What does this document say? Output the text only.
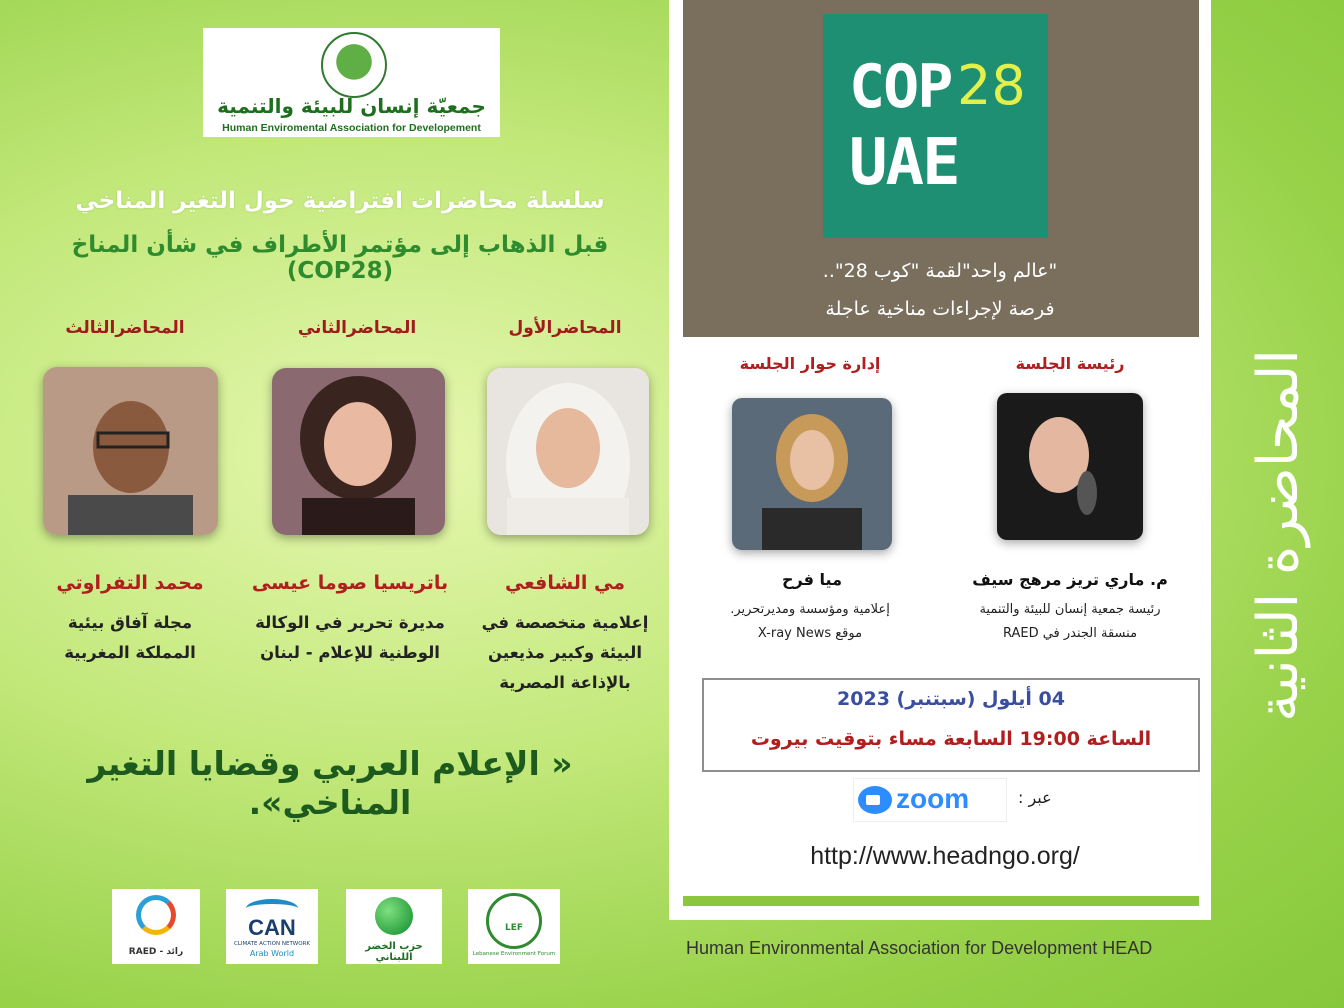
جمعيّة إنسان للبيئة والتنمية
Human Enviromental Association for Developement
سلسلة محاضرات افتراضية حول التغير المناخي
قبل الذهاب إلى مؤتمر الأطراف في شأن المناخ (COP28)
المحاضرالأول
المحاضرالثاني
المحاضرالثالث
مي الشافعي
باتريسيا صوما عيسى
محمد التفراوتي
إعلامية متخصصة في
البيئة وكبير مذيعين
بالإذاعة المصرية
مديرة تحرير في الوكالة
الوطنية للإعلام - لبنان
مجلة آفاق بيئية
المملكة المغربية
« الإعلام العربي وقضايا التغير المناخي».
RAED - رائد
CAN
CLIMATE ACTION NETWORK
Arab World
حزب الخضر اللبناني
LEF
Lebanese Environment Forum
COP 28
UAE
"عالم واحد"لقمة "كوب 28"..
فرصة لإجراءات مناخية عاجلة
رئيسة الجلسة
إدارة حوار الجلسة
م. ماري تريز مرهج سيف
ميا فرح
رئيسة جمعية إنسان للبيئة والتنمية
منسقة الجندر في RAED
إعلامية ومؤسسة ومديرتحرير.
موقع X-ray News
04 أيلول (سبتنبر) 2023
الساعة 19:00 السابعة مساء بتوقيت بيروت
عبر :
zoom
http://www.headngo.org/
Human Environmental Association for Development HEAD
المحاضرة الثانية
